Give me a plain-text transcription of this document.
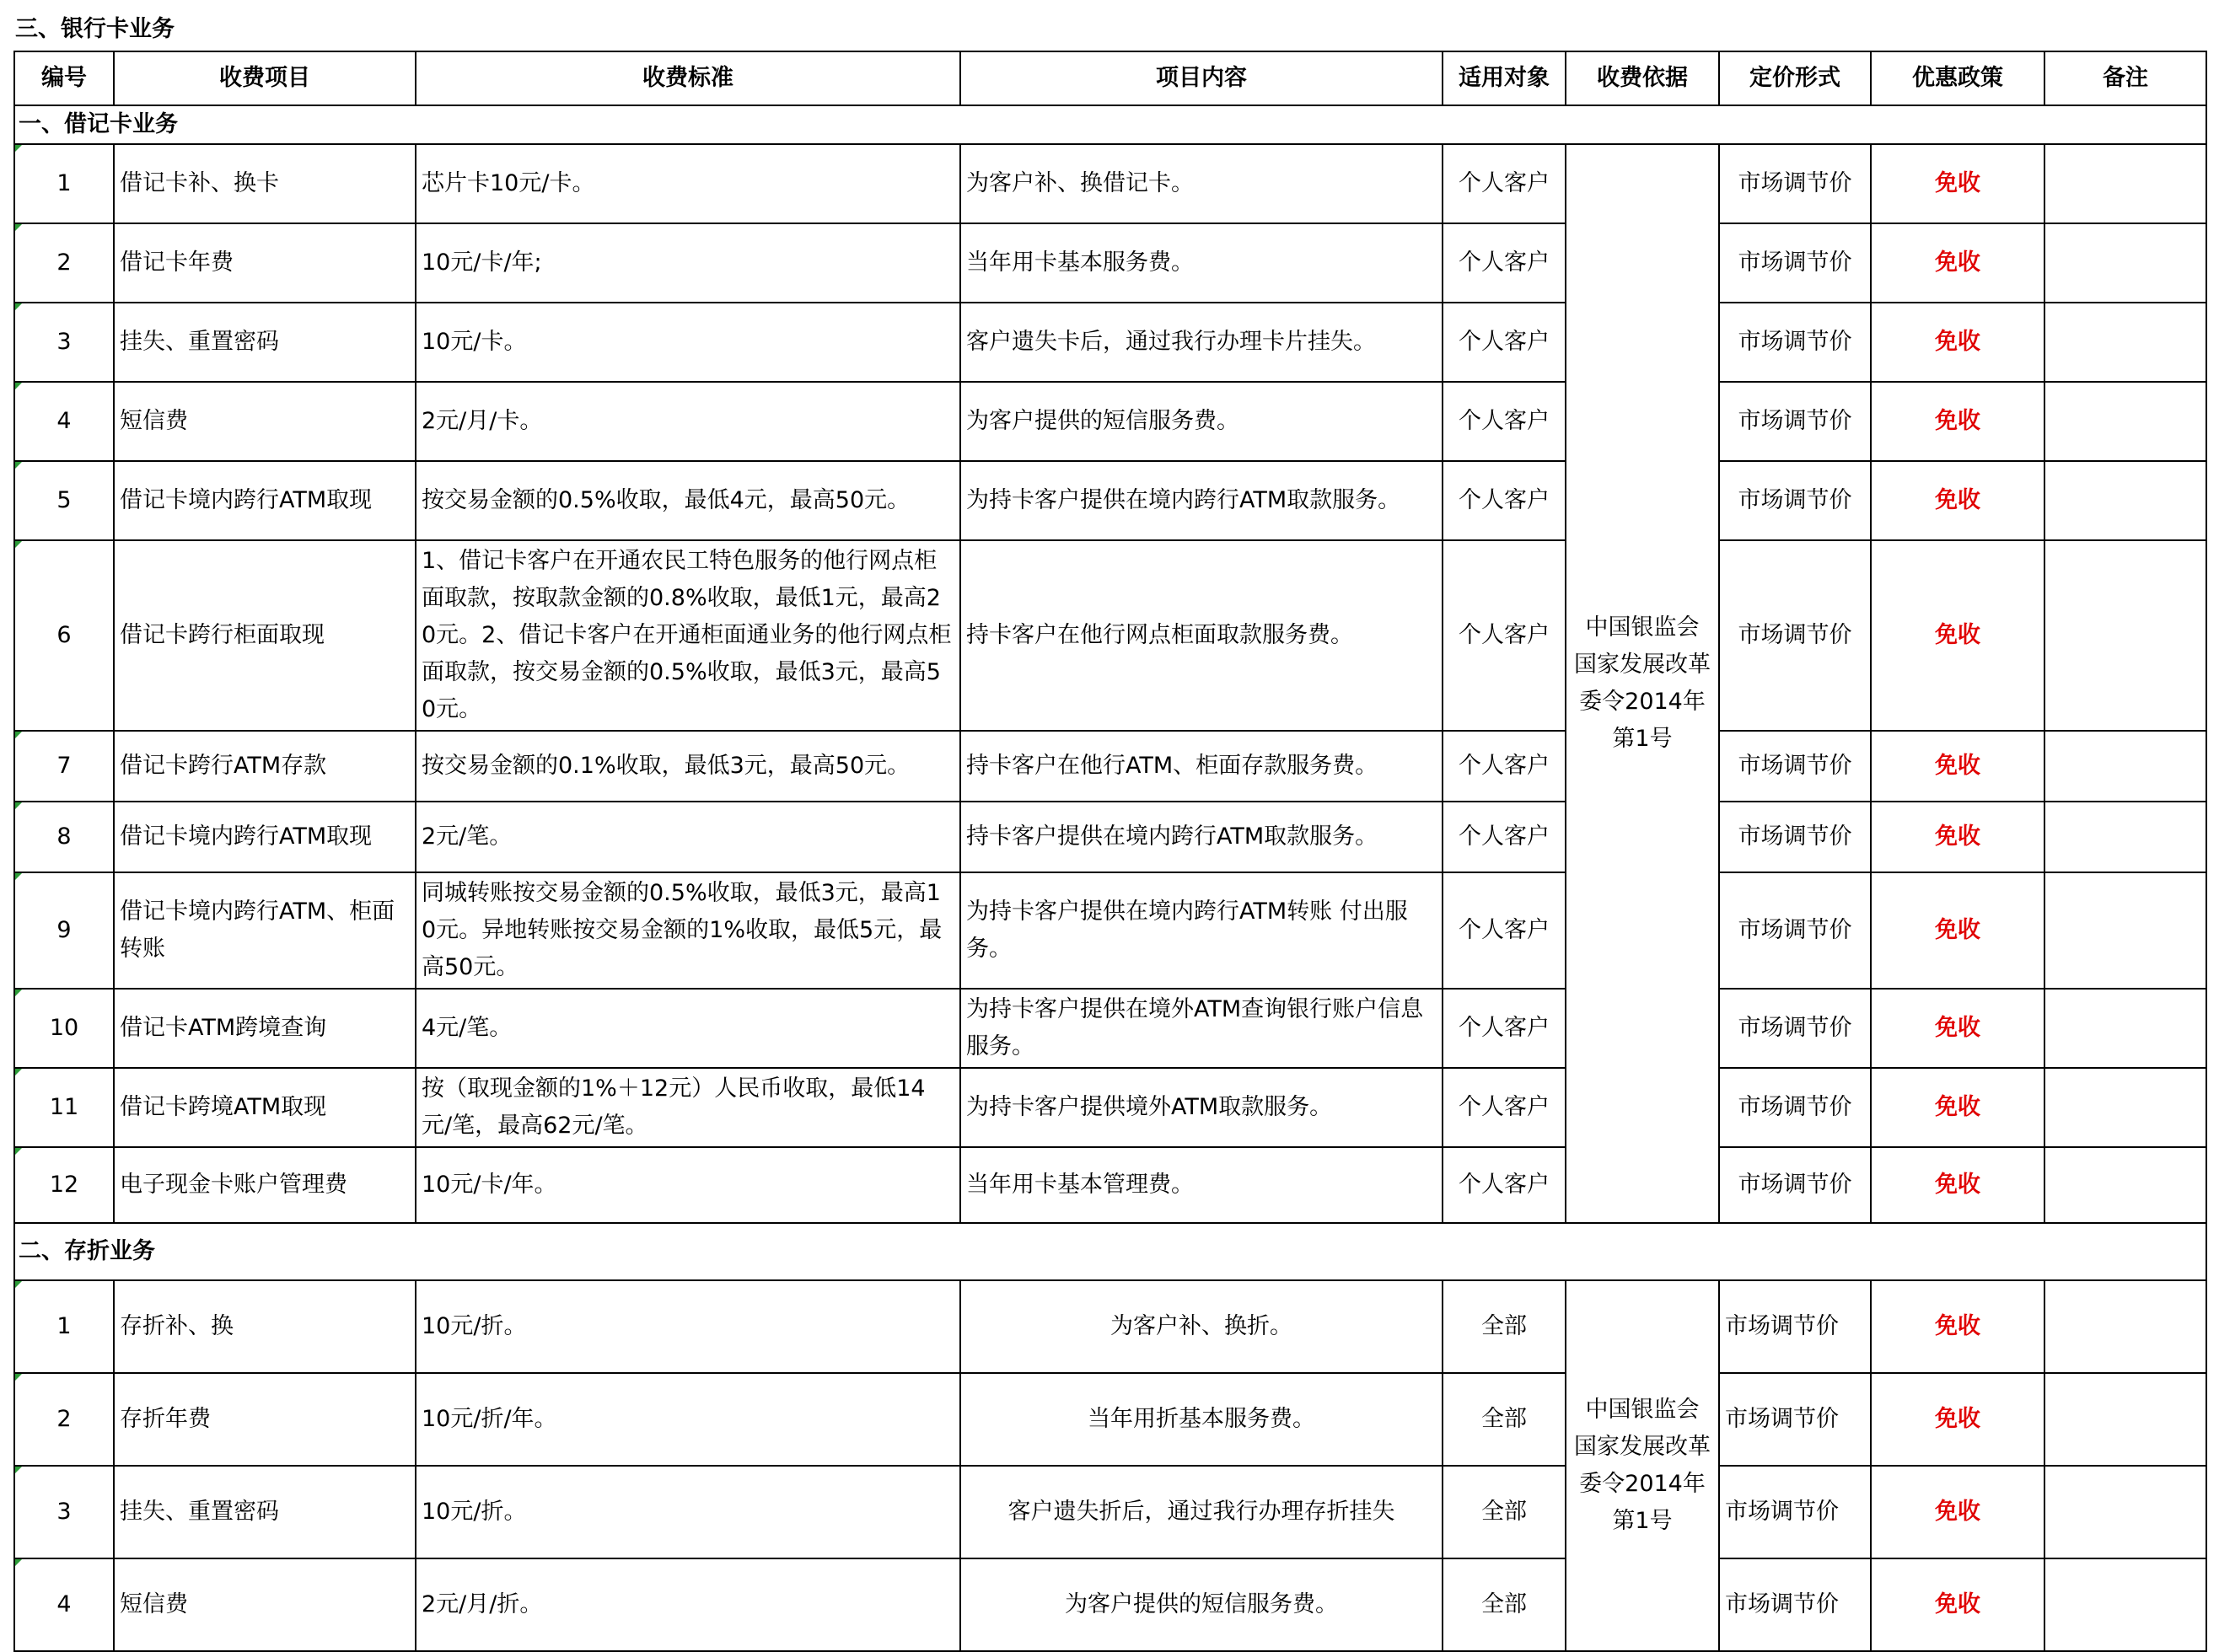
三、银行卡业务
编号	收费项目	收费标准	项目内容	适用对象	收费依据	定价形式	优惠政策	备注
一、借记卡业务								
1	借记卡补、换卡	芯片卡10元/卡。	为客户补、换借记卡。	个人客户	中国银监会 国家发展改革委令2014年第1号	市场调节价	免收	
2	借记卡年费	10元/卡/年;	当年用卡基本服务费。	个人客户		市场调节价	免收	
3	挂失、重置密码	10元/卡。	客户遗失卡后，通过我行办理卡片挂失。	个人客户		市场调节价	免收	
4	短信费	2元/月/卡。	为客户提供的短信服务费。	个人客户		市场调节价	免收	
5	借记卡境内跨行ATM取现	按交易金额的0.5%收取，最低4元，最高50元。	为持卡客户提供在境内跨行ATM取款服务。	个人客户		市场调节价	免收	
6	借记卡跨行柜面取现	1、借记卡客户在开通农民工特色服务的他行网点柜面取款，按取款金额的0.8%收取，最低1元，最高20元。2、借记卡客户在开通柜面通业务的他行网点柜面取款，按交易金额的0.5%收取，最低3元，最高50元。	持卡客户在他行网点柜面取款服务费。	个人客户		市场调节价	免收	
7	借记卡跨行ATM存款	按交易金额的0.1%收取，最低3元，最高50元。	持卡客户在他行ATM、柜面存款服务费。	个人客户		市场调节价	免收	
8	借记卡境内跨行ATM取现	2元/笔。	持卡客户提供在境内跨行ATM取款服务。	个人客户		市场调节价	免收	
9	借记卡境内跨行ATM、柜面转账	同城转账按交易金额的0.5%收取，最低3元，最高10元。异地转账按交易金额的1%收取，最低5元，最高50元。	为持卡客户提供在境内跨行ATM转账 付出服务。	个人客户		市场调节价	免收	
10	借记卡ATM跨境查询	4元/笔。	为持卡客户提供在境外ATM查询银行账户信息服务。	个人客户		市场调节价	免收	
11	借记卡跨境ATM取现	按（取现金额的1%＋12元）人民币收取，最低14元/笔，最高62元/笔。	为持卡客户提供境外ATM取款服务。	个人客户		市场调节价	免收	
12	电子现金卡账户管理费	10元/卡/年。	当年用卡基本管理费。	个人客户		市场调节价	免收	
二、存折业务								
1	存折补、换	10元/折。	为客户补、换折。	全部	中国银监会 国家发展改革委令2014年第1号	市场调节价	免收	
2	存折年费	10元/折/年。	当年用折基本服务费。	全部		市场调节价	免收	
3	挂失、重置密码	10元/折。	客户遗失折后，通过我行办理存折挂失	全部		市场调节价	免收	
4	短信费	2元/月/折。	为客户提供的短信服务费。	全部		市场调节价	免收	
